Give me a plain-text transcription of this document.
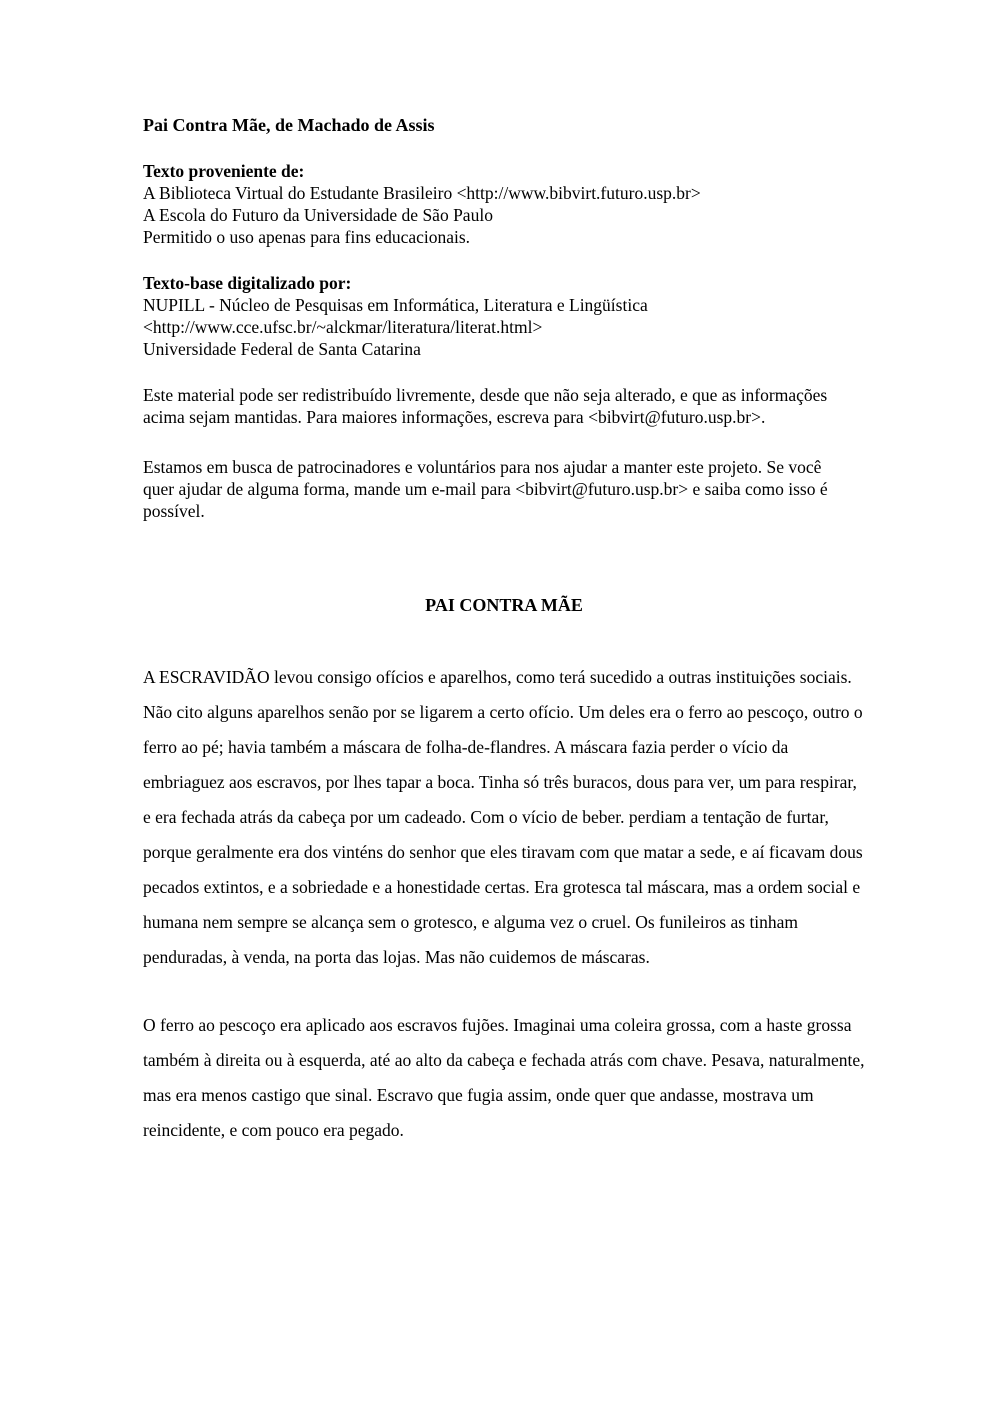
Pai Contra Mãe, de Machado de Assis
Texto proveniente de:
A Biblioteca Virtual do Estudante Brasileiro <http://www.bibvirt.futuro.usp.br>
A Escola do Futuro da Universidade de São Paulo
Permitido o uso apenas para fins educacionais.
Texto-base digitalizado por:
NUPILL - Núcleo de Pesquisas em Informática, Literatura e Lingüística
<http://www.cce.ufsc.br/~alckmar/literatura/literat.html>
Universidade Federal de Santa Catarina

Este material pode ser redistribuído livremente, desde que não seja alterado, e que as informações acima sejam mantidas. Para maiores informações, escreva para <bibvirt@futuro.usp.br>.

Estamos em busca de patrocinadores e voluntários para nos ajudar a manter este projeto. Se você quer ajudar de alguma forma, mande um e-mail para <bibvirt@futuro.usp.br> e saiba como isso é possível.

PAI CONTRA MÃE

A ESCRAVIDÃO levou consigo ofícios e aparelhos, como terá sucedido a outras instituições sociais. Não cito alguns aparelhos senão por se ligarem a certo ofício. Um deles era o ferro ao pescoço, outro o ferro ao pé; havia também a máscara de folha-de-flandres. A máscara fazia perder o vício da embriaguez aos escravos, por lhes tapar a boca. Tinha só três buracos, dous para ver, um para respirar, e era fechada atrás da cabeça por um cadeado. Com o vício de beber. perdiam a tentação de furtar, porque geralmente era dos vinténs do senhor que eles tiravam com que matar a sede, e aí ficavam dous pecados extintos, e a sobriedade e a honestidade certas. Era grotesca tal máscara, mas a ordem social e humana nem sempre se alcança sem o grotesco, e alguma vez o cruel. Os funileiros as tinham penduradas, à venda, na porta das lojas. Mas não cuidemos de máscaras.

O ferro ao pescoço era aplicado aos escravos fujões. Imaginai uma coleira grossa, com a haste grossa também à direita ou à esquerda, até ao alto da cabeça e fechada atrás com chave. Pesava, naturalmente, mas era menos castigo que sinal. Escravo que fugia assim, onde quer que andasse, mostrava um reincidente, e com pouco era pegado.
